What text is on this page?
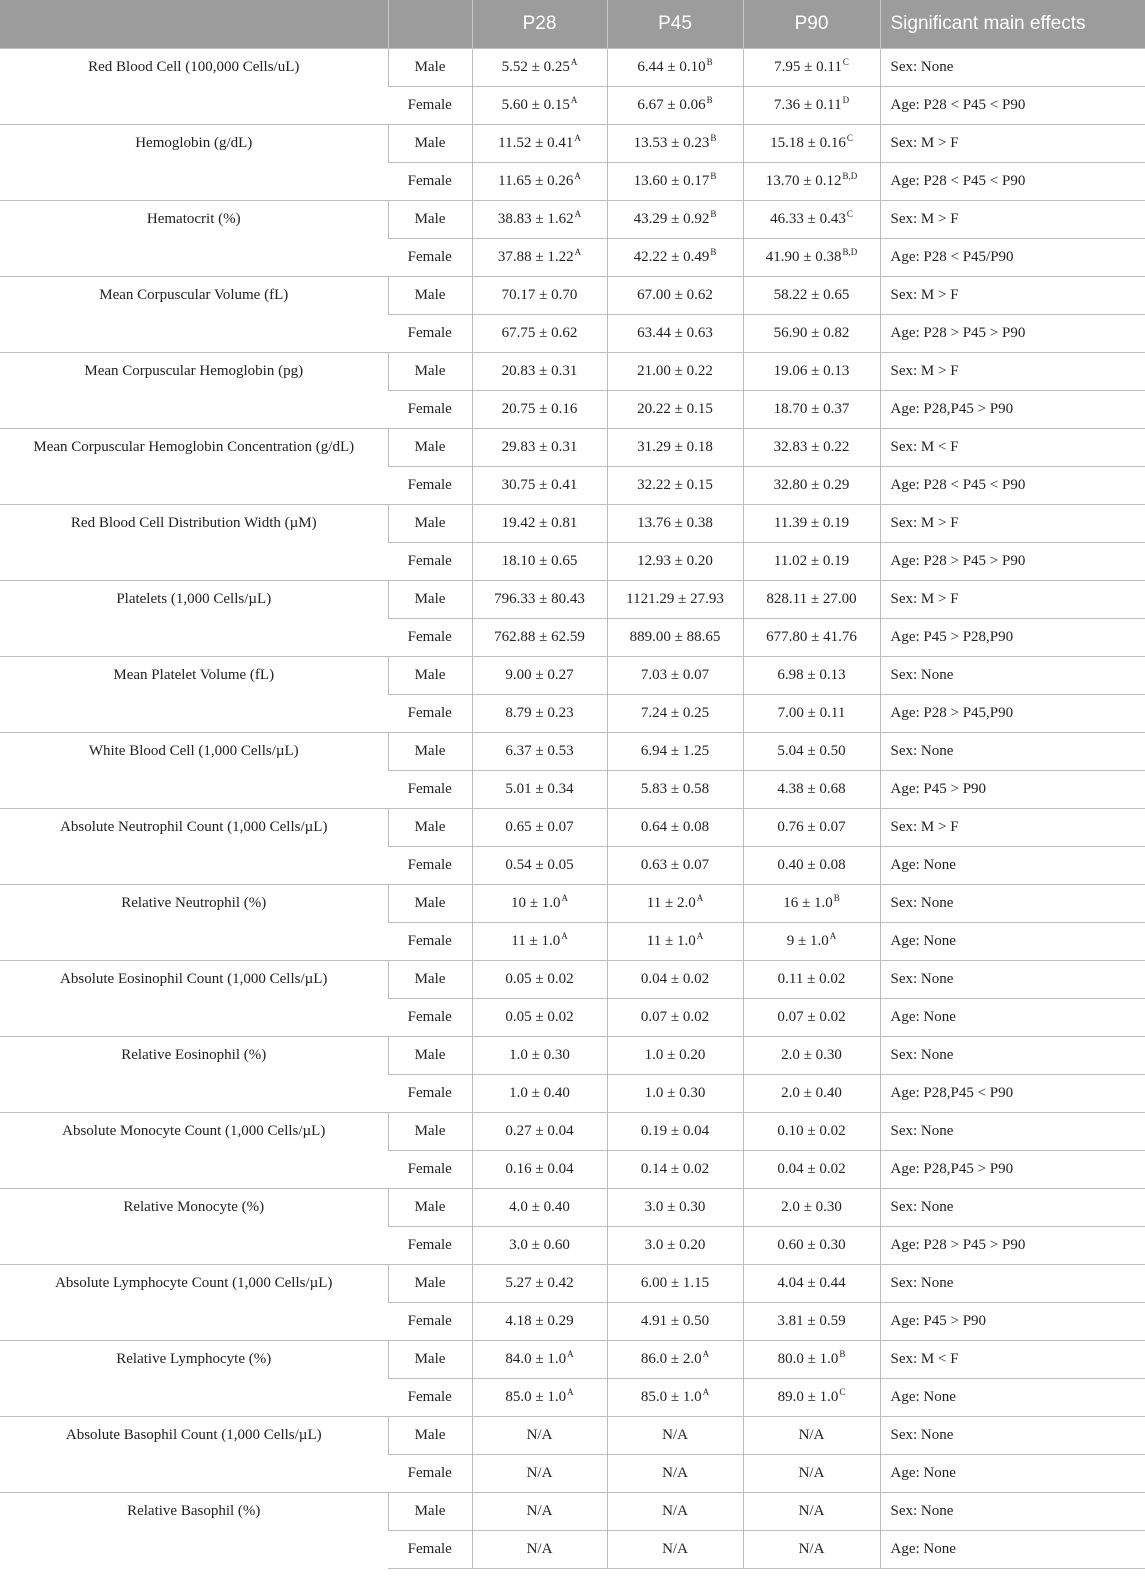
		P28	P45	P90	Significant main effects
Red Blood Cell (100,000 Cells/uL)	Male	$5.52 \pm 0.25^A$	$6.44 \pm 0.10^B$	$7.95 \pm 0.11^C$	Sex: None
	Female	$5.60 \pm 0.15^A$	$6.67 \pm 0.06^B$	$7.36 \pm 0.11^D$	Age: P28 < P45 < P90
Hemoglobin (g/dL)	Male	$11.52 \pm 0.41^A$	$13.53 \pm 0.23^B$	$15.18 \pm 0.16^C$	Sex: M > F
	Female	$11.65 \pm 0.26^A$	$13.60 \pm 0.17^B$	$13.70 \pm 0.12^{B,D}$	Age: P28 < P45 < P90
Hematocrit (%)	Male	$38.83 \pm 1.62^A$	$43.29 \pm 0.92^B$	$46.33 \pm 0.43^C$	Sex: M > F
	Female	$37.88 \pm 1.22^A$	$42.22 \pm 0.49^B$	$41.90 \pm 0.38^{B,D}$	Age: P28 < P45/P90
Mean Corpuscular Volume (fL)	Male	70.17 ± 0.70	67.00 ± 0.62	58.22 ± 0.65	Sex: M > F
	Female	67.75 ± 0.62	63.44 ± 0.63	56.90 ± 0.82	Age: P28 > P45 > P90
Mean Corpuscular Hemoglobin (pg)	Male	20.83 ± 0.31	21.00 ± 0.22	19.06 ± 0.13	Sex: M > F
	Female	20.75 ± 0.16	20.22 ± 0.15	18.70 ± 0.37	Age: P28,P45 > P90
Mean Corpuscular Hemoglobin Concentration (g/dL)	Male	29.83 ± 0.31	31.29 ± 0.18	32.83 ± 0.22	Sex: M < F
	Female	30.75 ± 0.41	32.22 ± 0.15	32.80 ± 0.29	Age: P28 < P45 < P90
Red Blood Cell Distribution Width (µM)	Male	19.42 ± 0.81	13.76 ± 0.38	11.39 ± 0.19	Sex: M > F
	Female	18.10 ± 0.65	12.93 ± 0.20	11.02 ± 0.19	Age: P28 > P45 > P90
Platelets (1,000 Cells/µL)	Male	796.33 ± 80.43	1121.29 ± 27.93	828.11 ± 27.00	Sex: M > F
	Female	762.88 ± 62.59	889.00 ± 88.65	677.80 ± 41.76	Age: P45 > P28,P90
Mean Platelet Volume (fL)	Male	9.00 ± 0.27	7.03 ± 0.07	6.98 ± 0.13	Sex: None
	Female	8.79 ± 0.23	7.24 ± 0.25	7.00 ± 0.11	Age: P28 > P45,P90
White Blood Cell (1,000 Cells/µL)	Male	6.37 ± 0.53	6.94 ± 1.25	5.04 ± 0.50	Sex: None
	Female	5.01 ± 0.34	5.83 ± 0.58	4.38 ± 0.68	Age: P45 > P90
Absolute Neutrophil Count (1,000 Cells/µL)	Male	0.65 ± 0.07	0.64 ± 0.08	0.76 ± 0.07	Sex: M > F
	Female	0.54 ± 0.05	0.63 ± 0.07	0.40 ± 0.08	Age: None
Relative Neutrophil (%)	Male	$10 \pm 1.0^A$	$11 \pm 2.0^A$	$16 \pm 1.0^B$	Sex: None
	Female	$11 \pm 1.0^A$	$11 \pm 1.0^A$	$9 \pm 1.0^A$	Age: None
Absolute Eosinophil Count (1,000 Cells/µL)	Male	0.05 ± 0.02	0.04 ± 0.02	0.11 ± 0.02	Sex: None
	Female	0.05 ± 0.02	0.07 ± 0.02	0.07 ± 0.02	Age: None
Relative Eosinophil (%)	Male	1.0 ± 0.30	1.0 ± 0.20	2.0 ± 0.30	Sex: None
	Female	1.0 ± 0.40	1.0 ± 0.30	2.0 ± 0.40	Age: P28,P45 < P90
Absolute Monocyte Count (1,000 Cells/µL)	Male	0.27 ± 0.04	0.19 ± 0.04	0.10 ± 0.02	Sex: None
	Female	0.16 ± 0.04	0.14 ± 0.02	0.04 ± 0.02	Age: P28,P45 > P90
Relative Monocyte (%)	Male	4.0 ± 0.40	3.0 ± 0.30	2.0 ± 0.30	Sex: None
	Female	3.0 ± 0.60	3.0 ± 0.20	0.60 ± 0.30	Age: P28 > P45 > P90
Absolute Lymphocyte Count (1,000 Cells/µL)	Male	5.27 ± 0.42	6.00 ± 1.15	4.04 ± 0.44	Sex: None
	Female	4.18 ± 0.29	4.91 ± 0.50	3.81 ± 0.59	Age: P45 > P90
Relative Lymphocyte (%)	Male	$84.0 \pm 1.0^A$	$86.0 \pm 2.0^A$	$80.0 \pm 1.0^B$	Sex: M < F
	Female	$85.0 \pm 1.0^A$	$85.0 \pm 1.0^A$	$89.0 \pm 1.0^C$	Age: None
Absolute Basophil Count (1,000 Cells/µL)	Male	N/A	N/A	N/A	Sex: None
	Female	N/A	N/A	N/A	Age: None
Relative Basophil (%)	Male	N/A	N/A	N/A	Sex: None
	Female	N/A	N/A	N/A	Age: None
